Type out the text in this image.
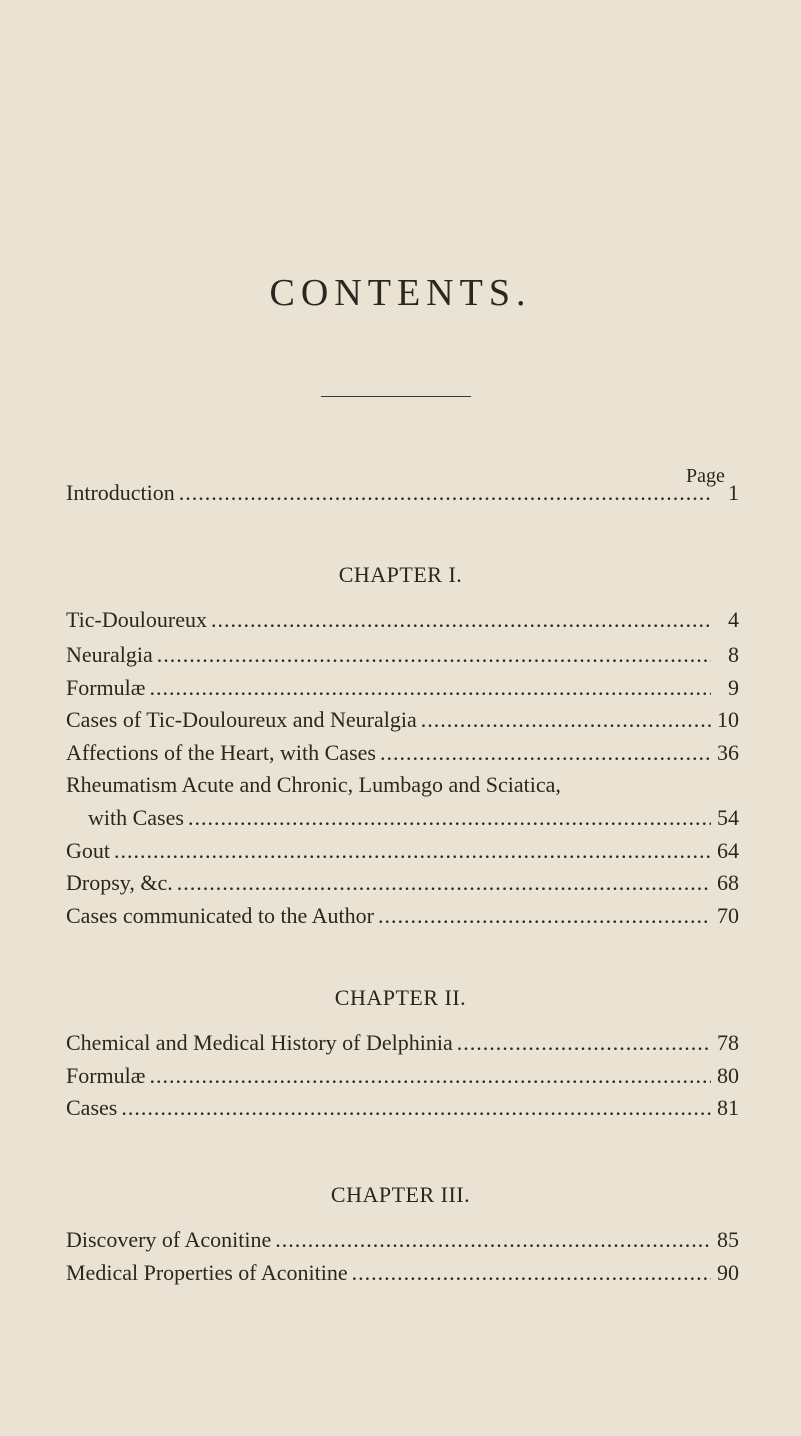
CONTENTS.
Page
Introduction .....	1
CHAPTER I.
Tic-Douloureux .....	4
Neuralgia .....	8
Formulæ .....	9
Cases of Tic-Douloureux and Neuralgia .....	10
Affections of the Heart, with Cases .....	36
Rheumatism Acute and Chronic, Lumbago and Sciatica,
with Cases .....	54
Gout .....	64
Dropsy, &c. .....	68
Cases communicated to the Author .....	70
CHAPTER II.
Chemical and Medical History of Delphinia .....	78
Formulæ .....	80
Cases .....	81
CHAPTER III.
Discovery of Aconitine .....	85
Medical Properties of Aconitine .....	90
